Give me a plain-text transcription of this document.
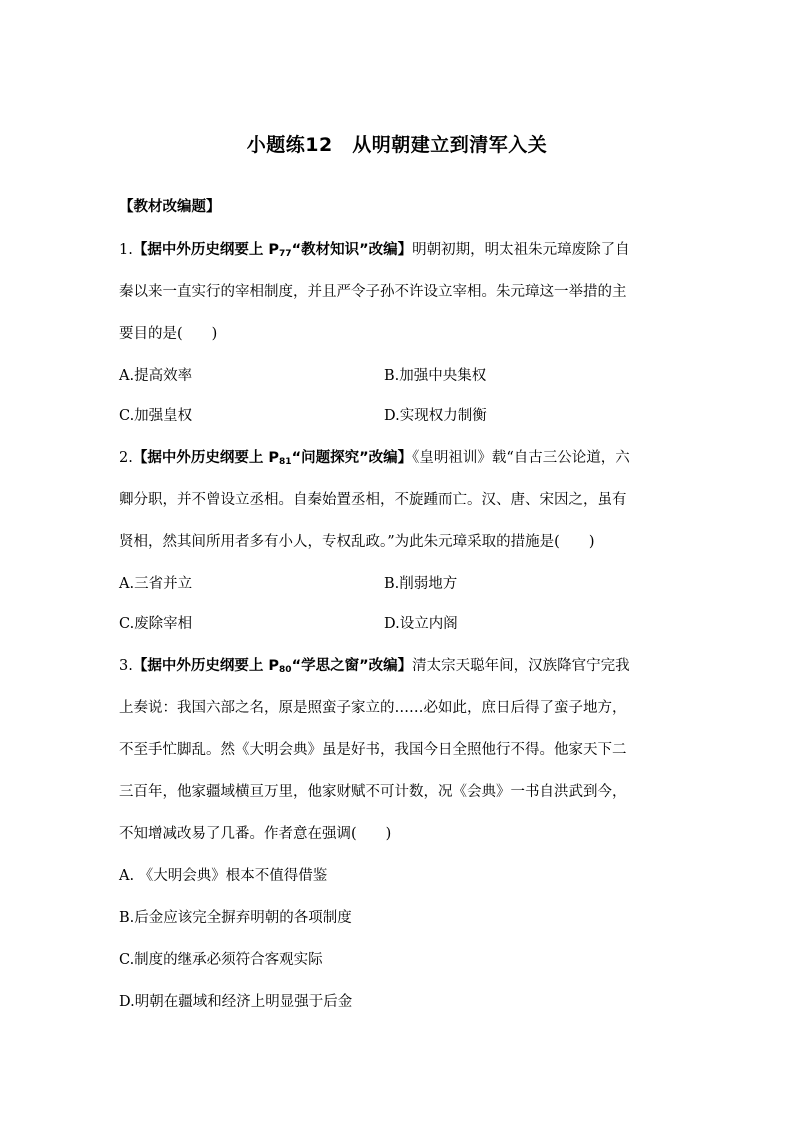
小题练12　从明朝建立到清军入关
【教材改编题】
1.【据中外历史纲要上 $P_{77}“$教材知识”改编】明朝初期，明太祖朱元璋废除了自
秦以来一直实行的宰相制度，并且严令子孙不许设立宰相。朱元璋这一举措的主
要目的是(　　)
A.提高效率	B.加强中央集权
C.加强皇权	D.实现权力制衡
2.【据中外历史纲要上 $P_{81}“$问题探究”改编】《皇明祖训》载“自古三公论道，六
卿分职，并不曾设立丞相。自秦始置丞相，不旋踵而亡。汉、唐、宋因之，虽有
贤相，然其间所用者多有小人，专权乱政。”为此朱元璋采取的措施是(　　)
A.三省并立	B.削弱地方
C.废除宰相	D.设立内阁
3.【据中外历史纲要上 $P_{80}“$学思之窗”改编】清太宗天聪年间，汉族降官宁完我
上奏说：我国六部之名，原是照蛮子家立的……必如此，庶日后得了蛮子地方，
不至手忙脚乱。然《大明会典》虽是好书，我国今日全照他行不得。他家天下二
三百年，他家疆域横亘万里，他家财赋不可计数，况《会典》一书自洪武到今，
不知增减改易了几番。作者意在强调(　　)
A. 《大明会典》根本不值得借鉴
B.后金应该完全摒弃明朝的各项制度
C.制度的继承必须符合客观实际
D.明朝在疆域和经济上明显强于后金
